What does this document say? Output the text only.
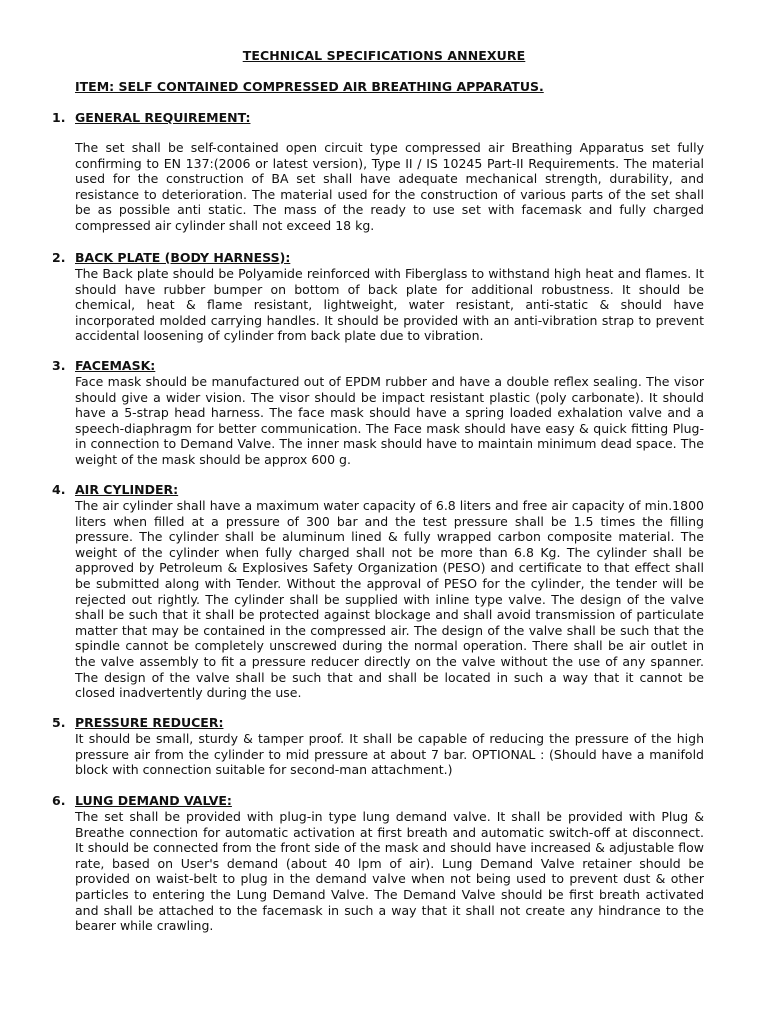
TECHNICAL SPECIFICATIONS ANNEXURE
ITEM: SELF CONTAINED COMPRESSED AIR BREATHING APPARATUS.
1. GENERAL REQUIREMENT:

The set shall be self-contained open circuit type compressed air Breathing Apparatus set fully confirming to EN 137:(2006 or latest version), Type II / IS 10245 Part-II Requirements. The material used for the construction of BA set shall have adequate mechanical strength, durability, and resistance to deterioration. The material used for the construction of various parts of the set shall be as possible anti static. The mass of the ready to use set with facemask and fully charged compressed air cylinder shall not exceed 18 kg.

2. BACK PLATE (BODY HARNESS):

The Back plate should be Polyamide reinforced with Fiberglass to withstand high heat and flames. It should have rubber bumper on bottom of back plate for additional robustness. It should be chemical, heat & flame resistant, lightweight, water resistant, anti-static & should have incorporated molded carrying handles. It should be provided with an anti-vibration strap to prevent accidental loosening of cylinder from back plate due to vibration.

3. FACEMASK:

Face mask should be manufactured out of EPDM rubber and have a double reflex sealing. The visor should give a wider vision. The visor should be impact resistant plastic (poly carbonate). It should have a 5-strap head harness. The face mask should have a spring loaded exhalation valve and a speech-diaphragm for better communication. The Face mask should have easy & quick fitting Plug-in connection to Demand Valve. The inner mask should have to maintain minimum dead space. The weight of the mask should be approx 600 g.

4. AIR CYLINDER:

The air cylinder shall have a maximum water capacity of 6.8 liters and free air capacity of min.1800 liters when filled at a pressure of 300 bar and the test pressure shall be 1.5 times the filling pressure. The cylinder shall be aluminum lined & fully wrapped carbon composite material. The weight of the cylinder when fully charged shall not be more than 6.8 Kg. The cylinder shall be approved by Petroleum & Explosives Safety Organization (PESO) and certificate to that effect shall be submitted along with Tender. Without the approval of PESO for the cylinder, the tender will be rejected out rightly. The cylinder shall be supplied with inline type valve. The design of the valve shall be such that it shall be protected against blockage and shall avoid transmission of particulate matter that may be contained in the compressed air. The design of the valve shall be such that the spindle cannot be completely unscrewed during the normal operation. There shall be air outlet in the valve assembly to fit a pressure reducer directly on the valve without the use of any spanner. The design of the valve shall be such that and shall be located in such a way that it cannot be closed inadvertently during the use.

5. PRESSURE REDUCER:

It should be small, sturdy & tamper proof. It shall be capable of reducing the pressure of the high pressure air from the cylinder to mid pressure at about 7 bar. OPTIONAL : (Should have a manifold block with connection suitable for second-man attachment.)

6. LUNG DEMAND VALVE:

The set shall be provided with plug-in type lung demand valve. It shall be provided with Plug & Breathe connection for automatic activation at first breath and automatic switch-off at disconnect. It should be connected from the front side of the mask and should have increased & adjustable flow rate, based on User's demand (about 40 lpm of air). Lung Demand Valve retainer should be provided on waist-belt to plug in the demand valve when not being used to prevent dust & other particles to entering the Lung Demand Valve. The Demand Valve should be first breath activated and shall be attached to the facemask in such a way that it shall not create any hindrance to the bearer while crawling.
